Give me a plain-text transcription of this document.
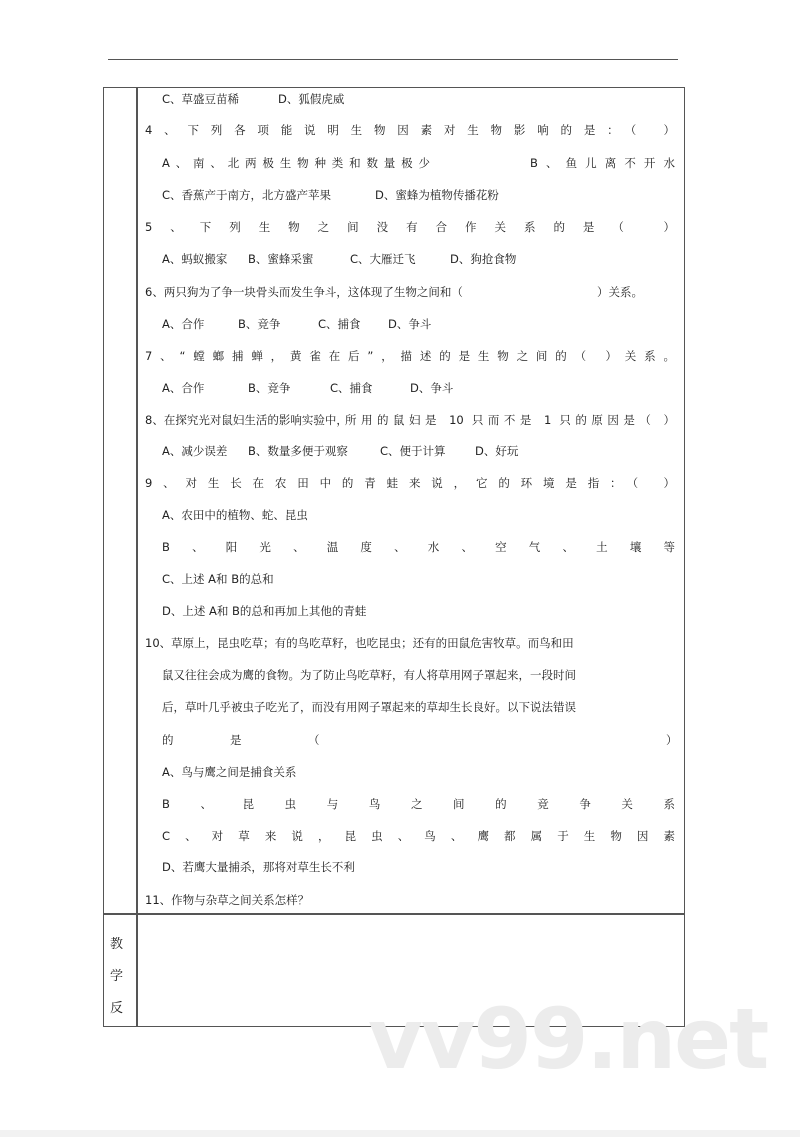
C、草盛豆苗稀	D、狐假虎威
4、下列各项能说明生物因素对生物影响的是：（ ）
A、南、北两极生物种类和数量极少	B、鱼儿离不开水
C、香蕉产于南方，北方盛产苹果	D、蜜蜂为植物传播花粉
5、下列生物之间没有合作关系的是（ ）
A、蚂蚁搬家 B、蜜蜂采蜜	C、大雁迁飞	D、狗抢食物
6、两只狗为了争一块骨头而发生争斗，这体现了生物之间和（	）关系。
A、合作	B、竞争	C、捕食 D、争斗
7、“螳螂捕蝉，黄雀在后”，描述的是生物之间的（ ）关系。
A、合作	B、竞争	C、捕食	D、争斗
8、在探究光对鼠妇生活的影响实验中，
所用的鼠妇是 10 只而不是 1 只的原因是（ ）
A、减少误差 B、数量多便于观察	C、便于计算	D、好玩
9、对生长在农田中的青蛙来说，它的环境是指：（ ）
A、农田中的植物、蛇、昆虫
B、阳光、温度、水、空气、土壤等
C、上述 A和 B的总和
D、上述 A和 B的总和再加上其他的青蛙
10、草原上，昆虫吃草；有的鸟吃草籽，也吃昆虫；还有的田鼠危害牧草。而鸟和田
鼠又往往会成为鹰的食物。为了防止鸟吃草籽，有人将草用网子罩起来，一段时间
后，草叶几乎被虫子吃光了，而没有用网子罩起来的草却生长良好。以下说法错误
的	是	（	）
A、鸟与鹰之间是捕食关系
B、昆虫与鸟之间的竞争关系
C、对草来说，昆虫、鸟、鹰都属于生物因素
D、若鹰大量捕杀，那将对草生长不利
11、作物与杂草之间关系怎样？
教
学
反	vv99.net
